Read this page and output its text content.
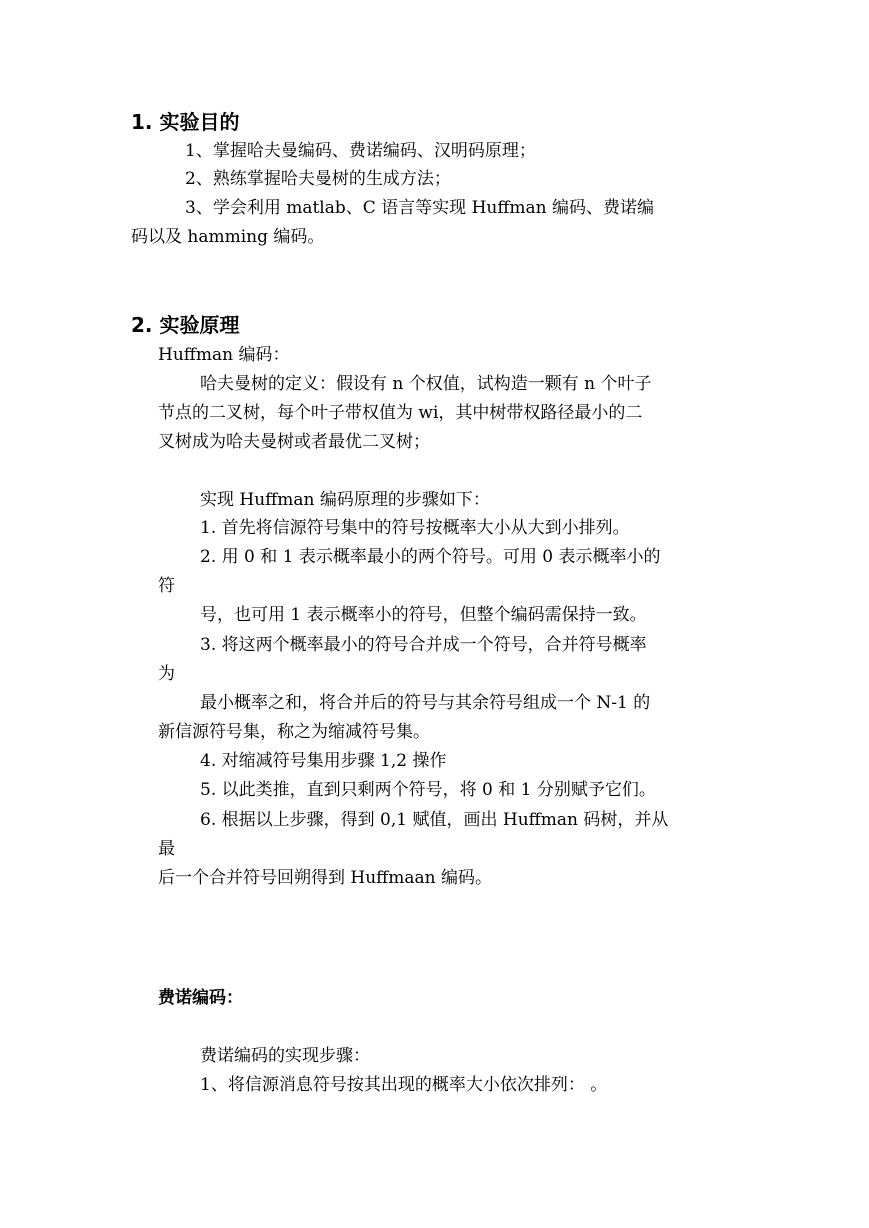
1. 实验目的
1、掌握哈夫曼编码、费诺编码、汉明码原理；
2、熟练掌握哈夫曼树的生成方法；
3、学会利用 matlab、C 语言等实现 Huffman 编码、费诺编
码以及 hamming 编码。
2. 实验原理
Huffman 编码：
哈夫曼树的定义：假设有 n 个权值，试构造一颗有 n 个叶子
节点的二叉树，每个叶子带权值为 wi，其中树带权路径最小的二
叉树成为哈夫曼树或者最优二叉树；
实现 Huffman 编码原理的步骤如下：
1. 首先将信源符号集中的符号按概率大小从大到小排列。
2. 用 0 和 1 表示概率最小的两个符号。可用 0 表示概率小的
符
号，也可用 1 表示概率小的符号，但整个编码需保持一致。
3. 将这两个概率最小的符号合并成一个符号，合并符号概率
为
最小概率之和，将合并后的符号与其余符号组成一个 N-1 的
新信源符号集，称之为缩减符号集。
4. 对缩减符号集用步骤 1,2 操作
5. 以此类推，直到只剩两个符号，将 0 和 1 分别赋予它们。
6. 根据以上步骤，得到 0,1 赋值，画出 Huffman 码树，并从
最
后一个合并符号回朔得到 Huffmaan 编码。
费诺编码：
费诺编码的实现步骤：
1、将信源消息符号按其出现的概率大小依次排列： 。
